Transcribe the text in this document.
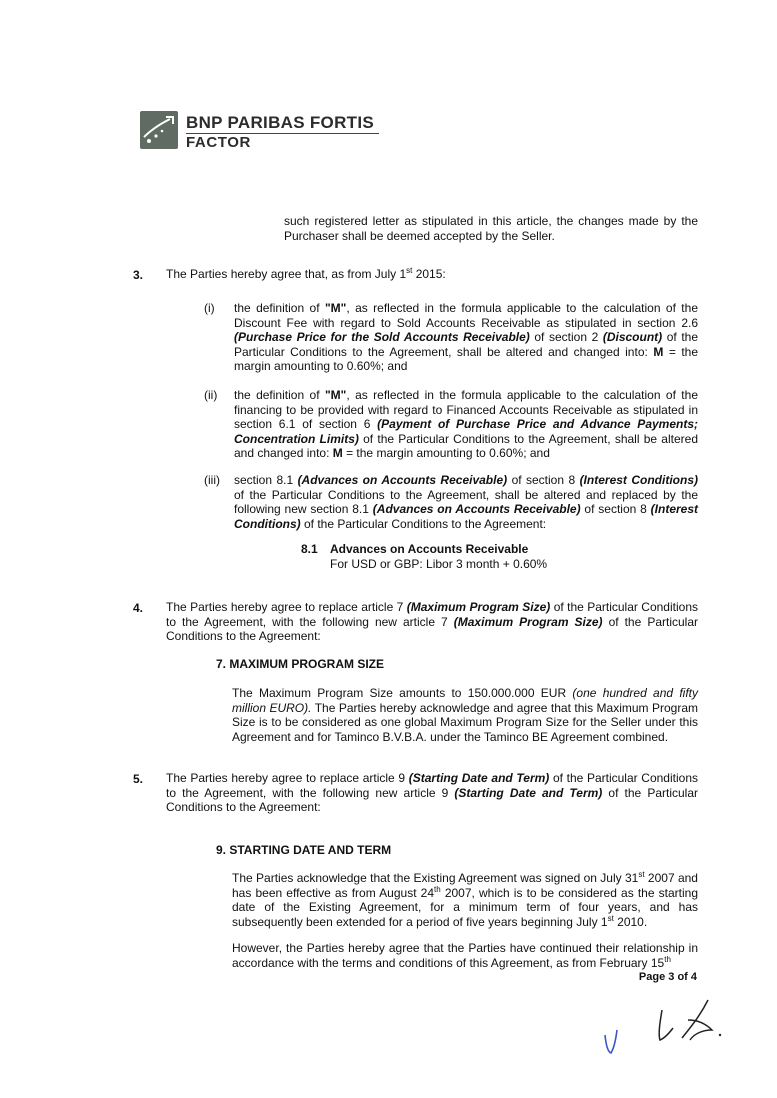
BNP PARIBAS FORTIS
FACTOR
such registered letter as stipulated in this article, the changes made by the Purchaser shall be deemed accepted by the Seller.
3. The Parties hereby agree that, as from July 1st 2015:
(i) the definition of "M", as reflected in the formula applicable to the calculation of the Discount Fee with regard to Sold Accounts Receivable as stipulated in section 2.6 (Purchase Price for the Sold Accounts Receivable) of section 2 (Discount) of the Particular Conditions to the Agreement, shall be altered and changed into: M = the margin amounting to 0.60%; and
(ii) the definition of "M", as reflected in the formula applicable to the calculation of the financing to be provided with regard to Financed Accounts Receivable as stipulated in section 6.1 of section 6 (Payment of Purchase Price and Advance Payments; Concentration Limits) of the Particular Conditions to the Agreement, shall be altered and changed into: M = the margin amounting to 0.60%; and
(iii) section 8.1 (Advances on Accounts Receivable) of section 8 (Interest Conditions) of the Particular Conditions to the Agreement, shall be altered and replaced by the following new section 8.1 (Advances on Accounts Receivable) of section 8 (Interest Conditions) of the Particular Conditions to the Agreement:
8.1 Advances on Accounts Receivable
For USD or GBP: Libor 3 month + 0.60%
4. The Parties hereby agree to replace article 7 (Maximum Program Size) of the Particular Conditions to the Agreement, with the following new article 7 (Maximum Program Size) of the Particular Conditions to the Agreement:
7. MAXIMUM PROGRAM SIZE
The Maximum Program Size amounts to 150.000.000 EUR (one hundred and fifty million EURO). The Parties hereby acknowledge and agree that this Maximum Program Size is to be considered as one global Maximum Program Size for the Seller under this Agreement and for Taminco B.V.B.A. under the Taminco BE Agreement combined.
5. The Parties hereby agree to replace article 9 (Starting Date and Term) of the Particular Conditions to the Agreement, with the following new article 9 (Starting Date and Term) of the Particular Conditions to the Agreement:
9. STARTING DATE AND TERM
The Parties acknowledge that the Existing Agreement was signed on July 31st 2007 and has been effective as from August 24th 2007, which is to be considered as the starting date of the Existing Agreement, for a minimum term of four years, and has subsequently been extended for a period of five years beginning July 1st 2010.
However, the Parties hereby agree that the Parties have continued their relationship in accordance with the terms and conditions of this Agreement, as from February 15th
Page 3 of 4
